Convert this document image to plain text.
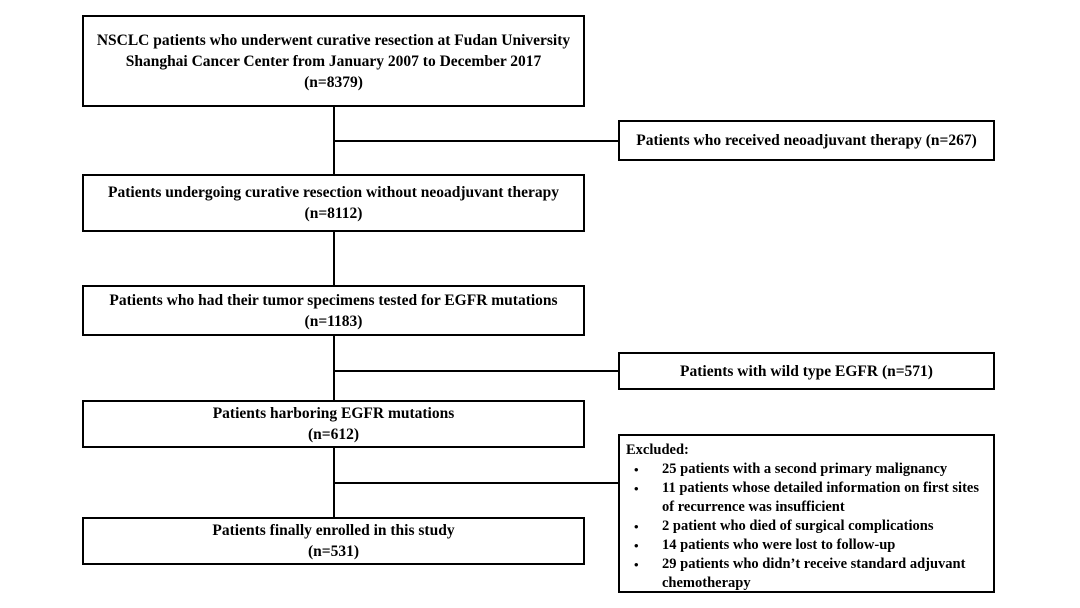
NSCLC patients who underwent curative resection at Fudan University Shanghai Cancer Center from January 2007 to December 2017
(n=8379)
Patients undergoing curative resection without neoadjuvant therapy
(n=8112)
Patients who had their tumor specimens tested for EGFR mutations
(n=1183)
Patients harboring EGFR mutations
(n=612)
Patients finally enrolled in this study
(n=531)
Patients who received neoadjuvant therapy (n=267)
Patients with wild type EGFR (n=571)
Excluded:
•	25 patients with a second primary malignancy
•	11 patients whose detailed information on first sites of recurrence was insufficient
•	2 patient who died of surgical complications
•	14 patients who were lost to follow-up
•	29 patients who didn’t receive standard adjuvant chemotherapy
